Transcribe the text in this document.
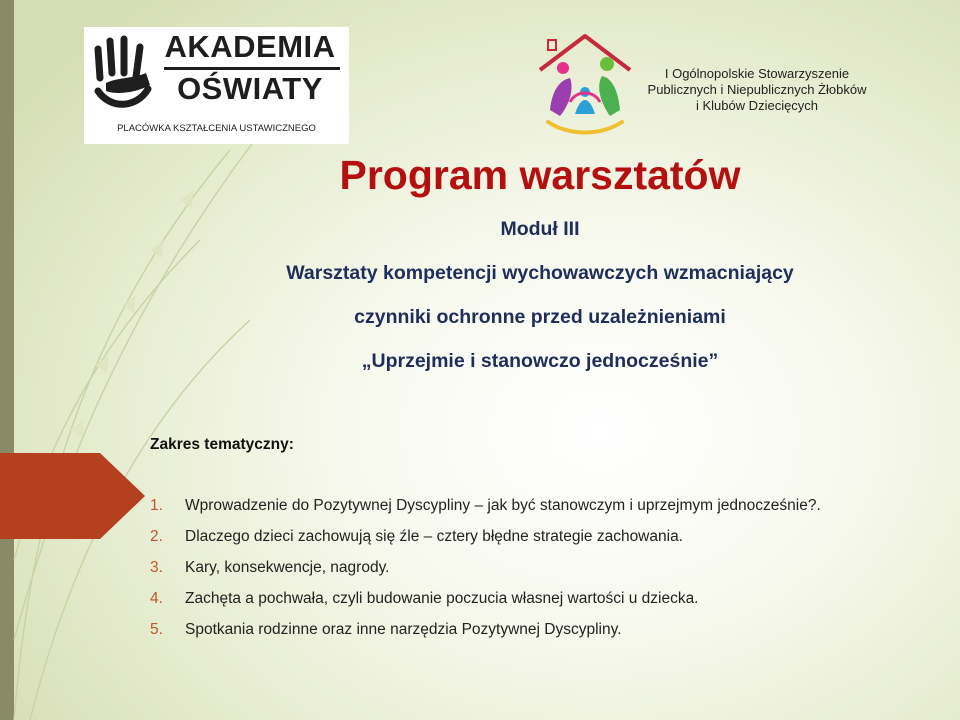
AKADEMIA
OŚWIATY
PLACÓWKA KSZTAŁCENIA USTAWICZNEGO
I Ogólnopolskie Stowarzyszenie
Publicznych i Niepublicznych Żłobków
i Klubów Dziecięcych
Program warsztatów
Moduł III
Warsztaty kompetencji wychowawczych wzmacniający
czynniki ochronne przed uzależnieniami
„Uprzejmie i stanowczo jednocześnie”
Zakres tematyczny:
1.	Wprowadzenie do Pozytywnej Dyscypliny – jak być stanowczym i uprzejmym jednocześnie?.
2.	Dlaczego dzieci zachowują się źle – cztery błędne strategie zachowania.
3.	Kary, konsekwencje, nagrody.
4.	Zachęta a pochwała, czyli budowanie poczucia własnej wartości u dziecka.
5.	Spotkania rodzinne oraz inne narzędzia Pozytywnej Dyscypliny.
